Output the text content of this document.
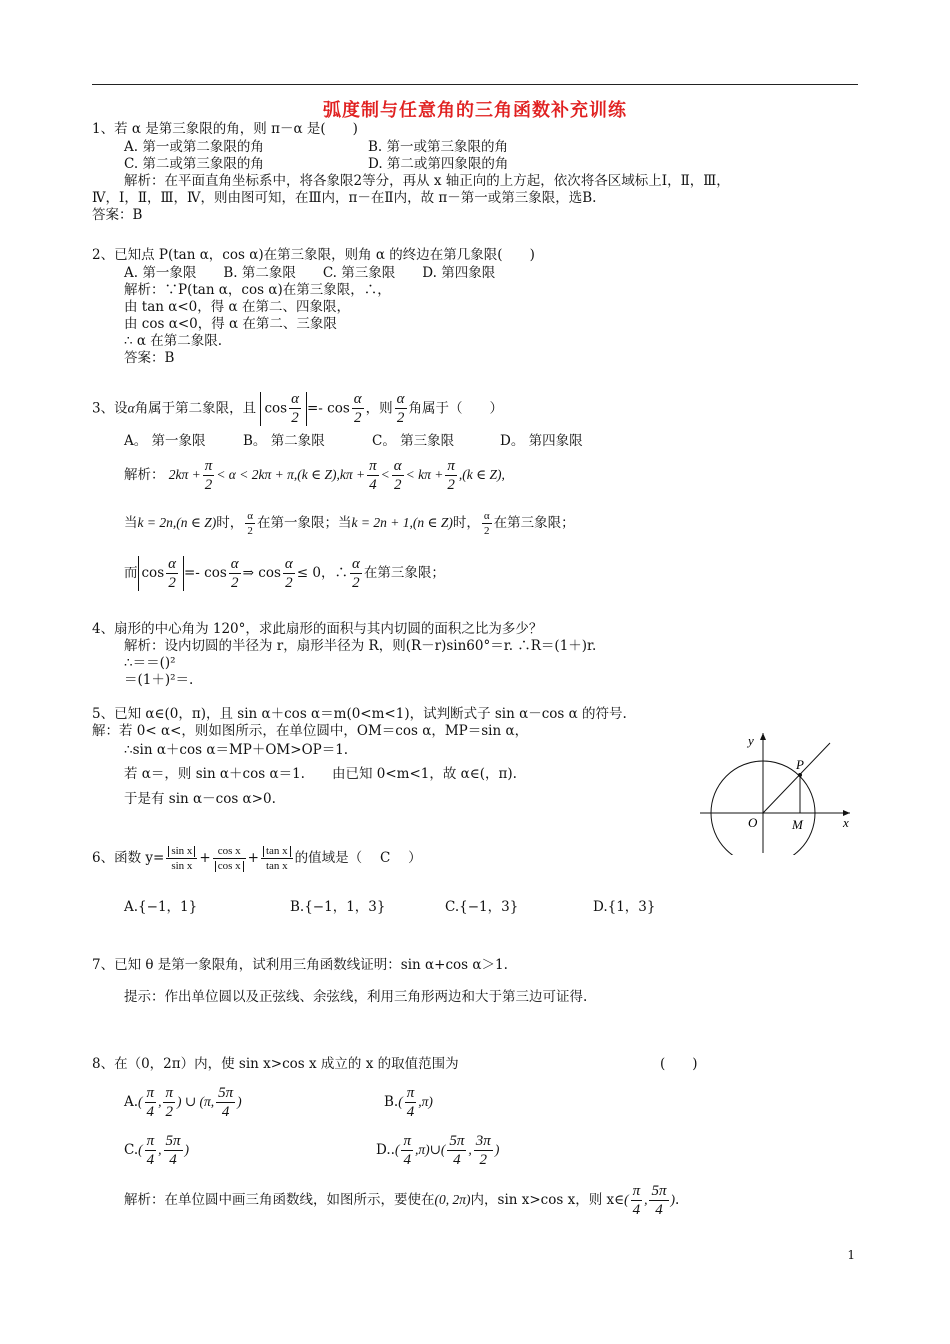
弧度制与任意角的三角函数补充训练
1、若 α 是第三象限的角，则 π－α 是(　　)
A. 第一或第二象限的角	B. 第一或第三象限的角
C. 第二或第三象限的角	D. 第二或第四象限的角
解析：在平面直角坐标系中，将各象限2等分，再从 x 轴正向的上方起，依次将各区域标上Ⅰ，Ⅱ，Ⅲ，
Ⅳ，Ⅰ，Ⅱ，Ⅲ，Ⅳ，则由图可知，在Ⅲ内，π－在Ⅱ内，故 π－第一或第三象限，选B.
答案：B
2、已知点 P(tan α，cos α)在第三象限，则角 α 的终边在第几象限(　　)
A. 第一象限　　B. 第二象限　　C. 第三象限　　D. 第四象限
解析：∵P(tan α，cos α)在第三象限，∴，
由 tan α<0，得 α 在第二、四象限，
由 cos α<0，得 α 在第二、三象限
∴ α 在第二象限.
答案：B
3、设α角属于第二象限，且 $\cos \frac{\alpha}{2} =- \cos \frac{\alpha}{2}$ ，则 $\frac{\alpha}{2}$ 角属于（　　）
A。 第一象限	B。 第二象限	C。 第三象限	D。 第四象限
解析： $2k\pi + \frac{\pi}{2} < \alpha < 2k\pi + \pi,(k$ ∈ $Z),k\pi + \frac{\pi}{4} < \frac{\alpha}{2} < k\pi + \frac{\pi}{2} ,(k$ ∈ Z),
当k = 2n,(n ∈ Z)时， $\frac{\alpha}{2}$ 在第一象限；当k = 2n + 1,(n ∈ Z)时， $\frac{\alpha}{2}$ 在第三象限；
而 $\cos \frac{\alpha}{2} =- \cos \frac{\alpha}{2}$ ⇒ $\cos \frac{\alpha}{2} \le 0$，∴ $\frac{\alpha}{2}$ 在第三象限；
4、扇形的中心角为 120°，求此扇形的面积与其内切圆的面积之比为多少？
解析：设内切圆的半径为 r，扇形半径为 R，则(R－r)sin60°＝r. ∴R＝(1＋)r.
∴＝＝()²
＝(1＋)²＝.
5、已知 α∈(0，π)，且 sin α＋cos α＝m(0<m<1)，试判断式子 sin α－cos α 的符号.
解：若 0< α<，则如图所示，在单位圆中，OM＝cos α，MP＝sin α，
∴sin α＋cos α＝MP＋OM>OP＝1.
若 α＝，则 sin α＋cos α＝1.　　由已知 0<m<1，故 α∈(，π).
于是有 sin α－cos α>0.
y
x
O	M
P
6、函数 $y= \frac{\text{sin x}}{\text{sin x}} + \frac{\text{cos x}}{\text{cos x}} + \frac{\text{tan x}}{\text{tan x}}$ 的值域是（　 C　 ）
A.{−1，1}	B.{−1，1，3}	C.{−1，3}	D.{1，3}
7、已知 θ 是第一象限角，试利用三角函数线证明：sin α+cos α＞1.
提示：作出单位圆以及正弦线、余弦线，利用三角形两边和大于第三边可证得.
8、在（0，2π）内，使 sin x>cos x 成立的 x 的取值范围为	(　　)
$A.( \frac{\pi}{4}$ , $\frac{\pi}{2}$ ) ∪ (π, $\frac{5\pi}{4}$ )	$B.( \frac{\pi}{4} ,\pi)$
$C.( \frac{\pi}{4}$ , $\frac{5\pi}{4}$ )	$D..( \frac{\pi}{4}$ ,π)∪( $\frac{5\pi}{4}$ , $\frac{3\pi}{2}$ )
解析：在单位圆中画三角函数线，如图所示，要使在(0, 2π)内，sin x>cos x，则 x∈( $\frac{\pi}{4}$ , $\frac{5\pi}{4}$ ).
1
